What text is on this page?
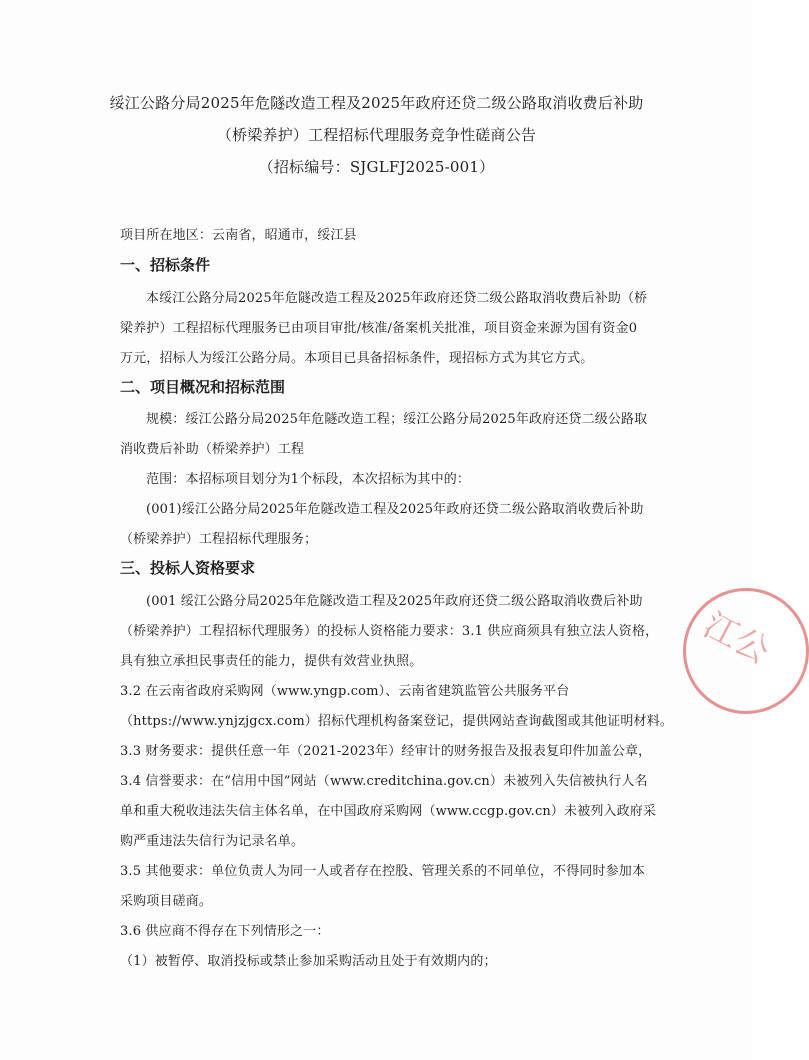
绥江公路分局2025年危隧改造工程及2025年政府还贷二级公路取消收费后补助
（桥梁养护）工程招标代理服务竞争性磋商公告
（招标编号：SJGLFJ2025-001）
项目所在地区：云南省，昭通市，绥江县
一、招标条件
本绥江公路分局2025年危隧改造工程及2025年政府还贷二级公路取消收费后补助（桥
梁养护）工程招标代理服务已由项目审批/核准/备案机关批准，项目资金来源为国有资金0
万元，招标人为绥江公路分局。本项目已具备招标条件，现招标方式为其它方式。
二、项目概况和招标范围
规模：绥江公路分局2025年危隧改造工程；绥江公路分局2025年政府还贷二级公路取
消收费后补助（桥梁养护）工程
范围：本招标项目划分为1个标段，本次招标为其中的：
(001)绥江公路分局2025年危隧改造工程及2025年政府还贷二级公路取消收费后补助
（桥梁养护）工程招标代理服务；
三、投标人资格要求
(001 绥江公路分局2025年危隧改造工程及2025年政府还贷二级公路取消收费后补助
（桥梁养护）工程招标代理服务）的投标人资格能力要求：3.1 供应商须具有独立法人资格，
具有独立承担民事责任的能力，提供有效营业执照。
3.2 在云南省政府采购网（www.yngp.com）、云南省建筑监管公共服务平台
（https://www.ynjzjgcx.com）招标代理机构备案登记，提供网站查询截图或其他证明材料。
3.3 财务要求：提供任意一年（2021-2023年）经审计的财务报告及报表复印件加盖公章，
3.4 信誉要求：在“信用中国”网站（www.creditchina.gov.cn）未被列入失信被执行人名
单和重大税收违法失信主体名单，在中国政府采购网（www.ccgp.gov.cn）未被列入政府采
购严重违法失信行为记录名单。
3.5 其他要求：单位负责人为同一人或者存在控股、管理关系的不同单位，不得同时参加本
采购项目磋商。
3.6 供应商不得存在下列情形之一：
（1）被暂停、取消投标或禁止参加采购活动且处于有效期内的；
江公
